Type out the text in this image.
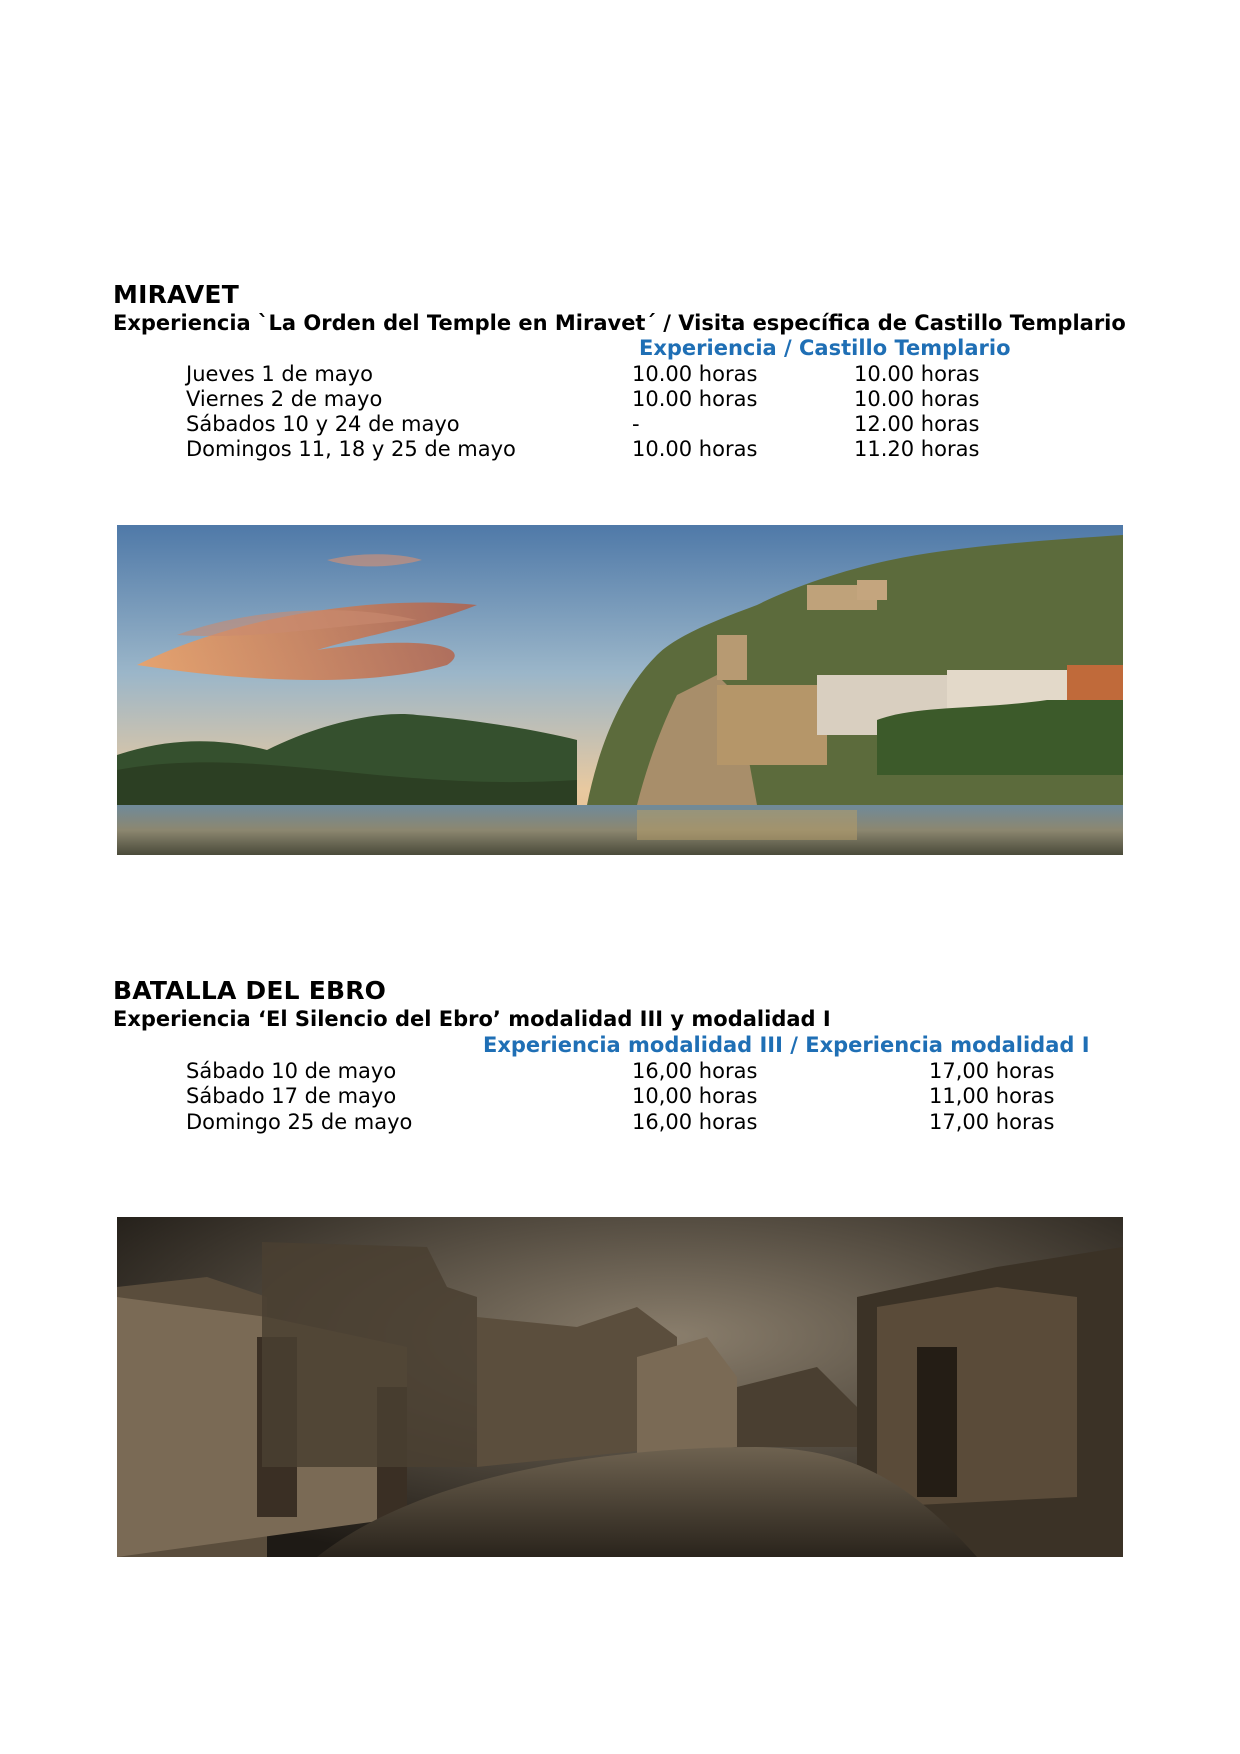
MIRAVET
Experiencia `La Orden del Temple en Miravet´ / Visita específica de Castillo Templario
Experiencia / Castillo Templario
Jueves 1 de mayo	10.00 horas	10.00 horas
Viernes 2 de mayo	10.00 horas	10.00 horas
Sábados 10 y 24 de mayo	-	12.00 horas
Domingos 11, 18 y 25 de mayo	10.00 horas	11.20 horas
BATALLA DEL EBRO
Experiencia ‘El Silencio del Ebro’ modalidad III y modalidad I
Experiencia modalidad III / Experiencia modalidad I
Sábado 10 de mayo	16,00 horas	17,00 horas
Sábado 17 de mayo	10,00 horas	11,00 horas
Domingo 25 de mayo	16,00 horas	17,00 horas
